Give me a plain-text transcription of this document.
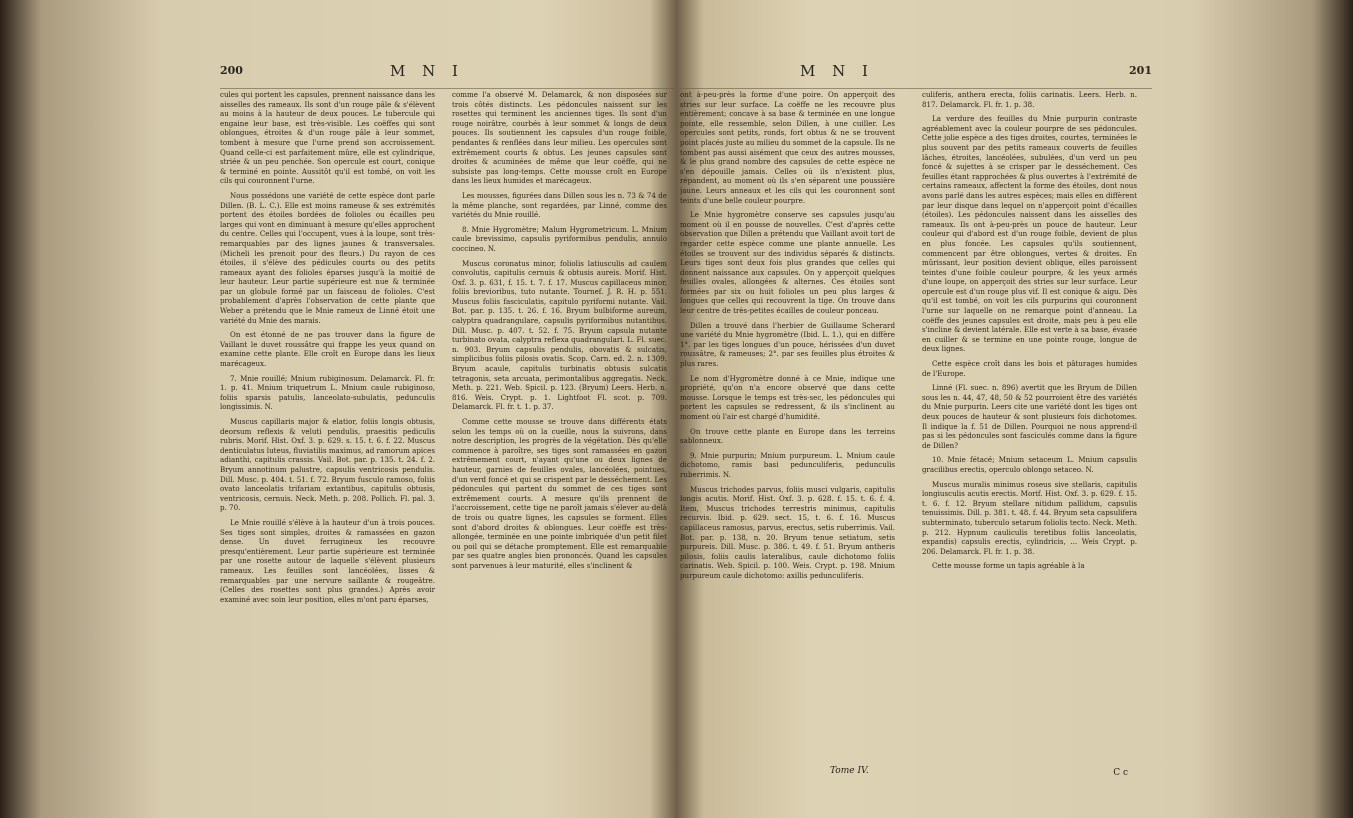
200	M N I

cules qui portent les capsules, prennent naissance dans les aisselles des rameaux. Ils sont d'un rouge pâle & s'élèvent au moins à la hauteur de deux pouces. Le tubercule qui engaine leur base, est très-visible. Les coëffes qui sont oblongues, étroites & d'un rouge pâle à leur sommet, tombent à mesure que l'urne prend son accroissement. Quand celle-ci est parfaitement mûre, elle est cylindrique, striée & un peu penchée. Son opercule est court, conique & terminé en pointe. Aussitôt qu'il est tombé, on voit les cils qui couronnent l'urne.

Nous possédons une variété de cette espèce dont parle Dillen. (B. L. C.). Elle est moins rameuse & ses extrémités portent des étoiles bordées de folioles ou écailles peu larges qui vont en diminuant à mesure qu'elles approchent du centre. Celles qui l'occupent, vues à la loupe, sont très-remarquables par des lignes jaunes & transversales. (Micheli les prenoit pour des fleurs.) Du rayon de ces étoiles, il s'élève des pédicules courts ou des petits rameaux ayant des folioles éparses jusqu'à la moitié de leur hauteur. Leur partie supérieure est nue & terminée par un globule formé par un faisceau de folioles. C'est probablement d'après l'observation de cette plante que Weber a prétendu que le Mnie rameux de Linné étoit une variété du Mnie des marais.

On est étonné de ne pas trouver dans la figure de Vaillant le duvet roussâtre qui frappe les yeux quand on examine cette plante. Elle croît en Europe dans les lieux marécageux.

7. Mnie rouillé; Mnium rubiginosum. Delamarck. Fl. fr. 1. p. 41. Mnium triquetrum L. Mnium caule rubiginoso, foliis sparsis patulis, lanceolato-subulatis, pedunculis longissimis. N.

Muscus capillaris major & elatior, foliis longis obtusis, deorsum reflexis & veluti pendulis, praesitis pediculis rubris. Morif. Hist. Oxf. 3. p. 629. s. 15. t. 6. f. 22. Muscus denticulatus luteus, fluviatilis maximus, ad ramorum apices adianthi, capitulis crassis. Vail. Bot. par. p. 135. t. 24. f. 2. Bryum annotinum palustre, capsulis ventricosis pendulis. Dill. Musc. p. 404. t. 51. f. 72. Bryum fusculo ramoso, foliis ovato lanceolatis trifariam extantibus, capitulis obtusis, ventricosis, cernuis. Neck. Meth. p. 208. Pollich. Fl. pal. 3. p. 70.

Le Mnie rouillé s'élève à la hauteur d'un à trois pouces. Ses tiges sont simples, droites & ramassées en gazon dense. Un duvet ferrugineux les recouvre presqu'entièrement. Leur partie supérieure est terminée par une rosette autour de laquelle s'élèvent plusieurs rameaux. Les feuilles sont lancéolées, lisses & remarquables par une nervure saillante & rougeâtre. (Celles des rosettes sont plus grandes.) Après avoir examiné avec soin leur position, elles m'ont paru éparses,

comme l'a observé M. Delamarck, & non disposées sur trois côtés distincts. Les pédoncules naissent sur les rosettes qui terminent les anciennes tiges. Ils sont d'un rouge noirâtre, courbés à leur sommet & longs de deux pouces. Ils soutiennent les capsules d'un rouge foible, pendantes & renflées dans leur milieu. Les opercules sont extrêmement courts & obtus. Les jeunes capsules sont droites & acuminées de même que leur coëffe, qui ne subsiste pas long-temps. Cette mousse croît en Europe dans les lieux humides et marécageux.

Les mousses, figurées dans Dillen sous les n. 73 & 74 de la même planche, sont regardées, par Linné, comme des variétés du Mnie rouillé.

8. Mnie Hygromètre; Malum Hygrometricum. L. Mnium caule brevissimo, capsulis pyriformibus pendulis, annulo coccineo. N.

Muscus coronatus minor, foliolis latiusculis ad caulem convolutis, capitulis cernuis & obtusis aureis. Morif. Hist. Oxf. 3. p. 631, f. 15. t. 7. f. 17. Muscus capillaceus minor, foliis brevioribus, tuto nutante. Tournef. J. R. H. p. 551. Muscus foliis fasciculatis, capitulo pyriformi nutante. Vail. Bot. par. p. 135. t. 26. f. 16. Bryum bulbiforme aureum, calyptra quadrangulare, capsulis pyriformibus nutantibus. Dill. Musc. p. 407. t. 52. f. 75. Bryum capsula nutante turbinato ovata, calyptra reflexa quadrangulari. L. Fl. suec. n. 903. Bryum capsulis pendulis, obovatis & sulcatis, simplicibus foliis pilosis ovatis. Scop. Carn. ed. 2. n. 1309. Bryum acaule, capitulis turbinatis obtusis sulcatis tetragonis, seta arcuata, perimontalibus aggregatis. Neck. Meth. p. 221. Web. Spicil. p. 123. (Bryum) Leers. Herb. n. 816. Weis. Crypt. p. 1. Lightfoot Fl. scot. p. 709. Delamarck. Fl. fr. t. 1. p. 37.

Comme cette mousse se trouve dans différents états selon les temps où on la cueille, nous la suivrons, dans notre description, les progrès de la végétation. Dès qu'elle commence à paroître, ses tiges sont ramassées en gazon extrêmement court, n'ayant qu'une ou deux lignes de hauteur, garnies de feuilles ovales, lancéolées, pointues, d'un verd foncé et qui se crispent par le desséchement. Les pédoncules qui partent du sommet de ces tiges sont extrêmement courts. A mesure qu'ils prennent de l'accroissement, cette tige ne paroît jamais s'élever au-delà de trois ou quatre lignes, les capsules se forment. Elles sont d'abord droites & oblongues. Leur coëffe est très-allongée, terminée en une pointe imbriquée d'un petit filet ou poil qui se détache promptement. Elle est remarquable par ses quatre angles bien prononcés. Quand les capsules sont parvenues à leur maturité, elles s'inclinent &

M N I	201

ont à-peu-près la forme d'une poire. On apperçoit des stries sur leur surface. La coëffe ne les recouvre plus entièrement; concave à sa base & terminée en une longue pointe, elle ressemble, selon Dillen, à une cuiller. Les opercules sont petits, ronds, fort obtus & ne se trouvent point placés juste au milieu du sommet de la capsule. Ils ne tombent pas aussi aisément que ceux des autres mousses, & le plus grand nombre des capsules de cette espèce ne s'en dépouille jamais. Celles où ils n'existent plus, répandent, au moment où ils s'en séparent une poussière jaune. Leurs anneaux et les cils qui les couronnent sont teints d'une belle couleur pourpre.

Le Mnie hygromètre conserve ses capsules jusqu'au moment où il en pousse de nouvelles. C'est d'après cette observation que Dillen a prétendu que Vaillant avoit tort de regarder cette espèce comme une plante annuelle. Les étoiles se trouvent sur des individus séparés & distincts. Leurs tiges sont deux fois plus grandes que celles qui donnent naissance aux capsules. On y apperçoit quelques feuilles ovales, allongées & alternes. Ces étoiles sont formées par six ou huit folioles un peu plus larges & longues que celles qui recouvrent la tige. On trouve dans leur centre de très-petites écailles de couleur ponceau.

Dillen a trouvé dans l'herbier de Guillaume Scherard une variété du Mnie hygromètre (Ibid. L. 1.), qui en diffère 1°. par les tiges longues d'un pouce, hérissées d'un duvet roussâtre, & rameuses; 2°. par ses feuilles plus étroites & plus rares.

Le nom d'Hygromètre donné à ce Mnie, indique une propriété, qu'on n'a encore observé que dans cette mousse. Lorsque le temps est très-sec, les pédoncules qui portent les capsules se redressent, & ils s'inclinent au moment où l'air est chargé d'humidité.

On trouve cette plante en Europe dans les terreins sablonneux.

9. Mnie purpurin; Mnium purpureum. L. Mnium caule dichotomo, ramis basi pedunculiferis, pedunculis ruberrimis. N.

Muscus trichodes parvus, foliis musci vulgaris, capitulis longis acutis. Morif. Hist. Oxf. 3. p. 628. f. 15. t. 6. f. 4. Item, Muscus trichodes terrestris minimus, capitulis recurvis. Ibid. p. 629. sect. 15, t. 6. f. 16. Muscus capillaceus ramosus, parvus, erectus, setis ruberrimis. Vail. Bot. par. p. 138, n. 20. Bryum tenue setiatum, setis purpureis. Dill. Musc. p. 386. t. 49. f. 51. Bryum antheris pilosis, foliis caulis lateralibus, caule dichotomo foliis carinatis. Web. Spicil. p. 100. Weis. Crypt. p. 198. Mnium purpureum caule dichotomo: axillis pedunculiferis.

culiferis, anthera erecta, foliis carinatis. Leers. Herb. n. 817. Delamarck. Fl. fr. 1. p. 38.

La verdure des feuilles du Mnie purpurin contraste agréablement avec la couleur pourpre de ses pédoncules. Cette jolie espèce a des tiges droites, courtes, terminées le plus souvent par des petits rameaux couverts de feuilles lâches, étroites, lancéolées, subulées, d'un verd un peu foncé & sujettes à se crisper par le desséchement. Ces feuilles étant rapprochées & plus ouvertes à l'extrémité de certains rameaux, affectent la forme des étoiles, dont nous avons parlé dans les autres espèces; mais elles en diffèrent par leur disque dans lequel on n'apperçoit point d'écailles (étoiles). Les pédoncules naissent dans les aisselles des rameaux. Ils ont à-peu-près un pouce de hauteur. Leur couleur qui d'abord est d'un rouge foible, devient de plus en plus foncée. Les capsules qu'ils soutiennent, commencent par être oblongues, vertes & droites. En mûrissant, leur position devient oblique, elles paroissent teintes d'une foible couleur pourpre, & les yeux armés d'une loupe, on apperçoit des stries sur leur surface. Leur opercule est d'un rouge plus vif. Il est conique & aigu. Dès qu'il est tombé, on voit les cils purpurins qui couronnent l'urne sur laquelle on ne remarque point d'anneau. La coëffe des jeunes capsules est droite, mais peu à peu elle s'incline & devient latérale. Elle est verte à sa base, évasée en cuiller & se termine en une pointe rouge, longue de deux lignes.

Cette espèce croît dans les bois et pâturages humides de l'Europe.

Linné (Fl. suec. n. 896) avertit que les Bryum de Dillen sous les n. 44, 47, 48, 50 & 52 pourroient être des variétés du Mnie purpurin. Leers cite une variété dont les tiges ont deux pouces de hauteur & sont plusieurs fois dichotomes. Il indique la f. 51 de Dillen. Pourquoi ne nous apprend-il pas si les pédoncules sont fasciculés comme dans la figure de Dillen?

10. Mnie fétacé; Mnium setaceum L. Mnium capsulis gracilibus erectis, operculo oblongo setaceo. N.

Muscus muralis minimus roseus sive stellaris, capitulis longiusculis acutis erectis. Morif. Hist. Oxf. 3. p. 629. f. 15. t. 6. f. 12. Bryum stellare nitidum pallidum, capsulis tenuissimis. Dill. p. 381. t. 48. f. 44. Bryum seta capsulifera subterminato, tuberculo setarum foliolis tecto. Neck. Meth. p. 212. Hypnum cauliculis teretibus foliis lanceolatis, expandis) capsulis erectis, cylindricis, ... Weis Crypt. p. 206. Delamarck. Fl. fr. 1. p. 38.

Cette mousse forme un tapis agréable à la

Tome IV.	C c
